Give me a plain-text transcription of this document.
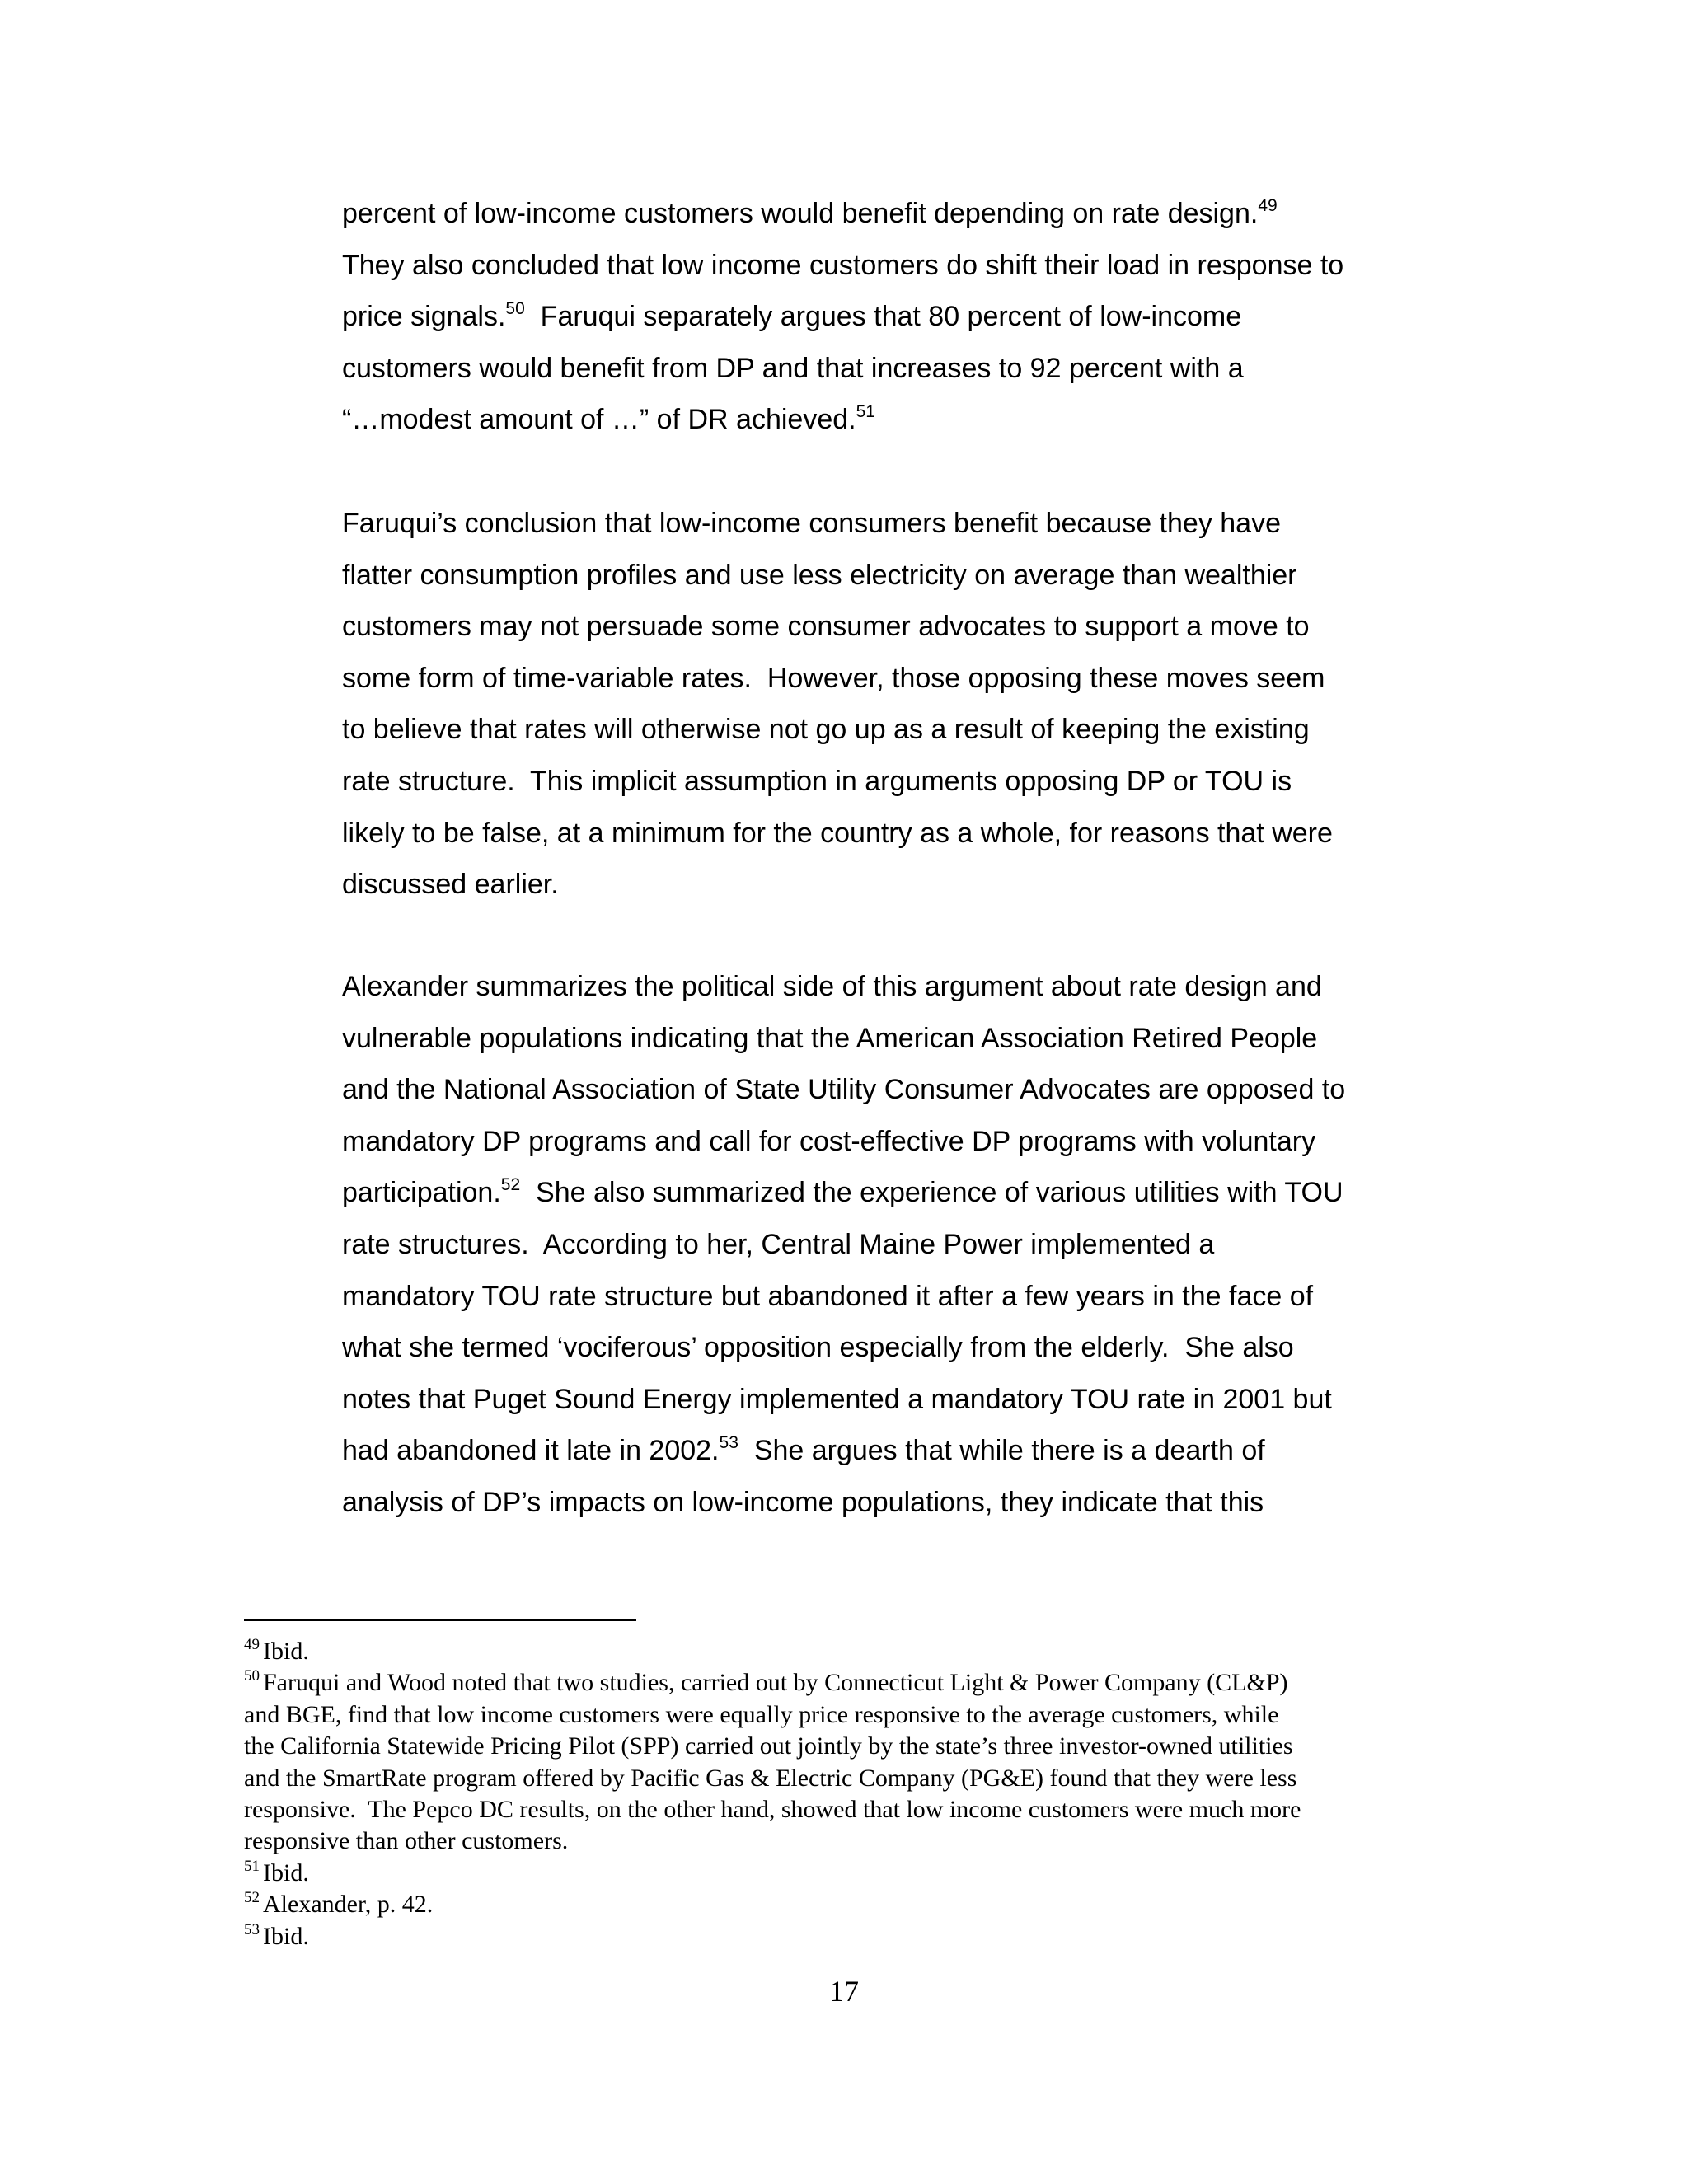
percent of low-income customers would benefit depending on rate design.$^{49}$
They also concluded that low income customers do shift their load in response to
price signals.$^{50}$  Faruqui separately argues that 80 percent of low-income
customers would benefit from DP and that increases to 92 percent with a
“…modest amount of …” of DR achieved.$^{51}$
Faruqui’s conclusion that low-income consumers benefit because they have
flatter consumption profiles and use less electricity on average than wealthier
customers may not persuade some consumer advocates to support a move to
some form of time-variable rates.  However, those opposing these moves seem
to believe that rates will otherwise not go up as a result of keeping the existing
rate structure.  This implicit assumption in arguments opposing DP or TOU is
likely to be false, at a minimum for the country as a whole, for reasons that were
discussed earlier.
Alexander summarizes the political side of this argument about rate design and
vulnerable populations indicating that the American Association Retired People
and the National Association of State Utility Consumer Advocates are opposed to
mandatory DP programs and call for cost-effective DP programs with voluntary
participation.$^{52}$  She also summarized the experience of various utilities with TOU
rate structures.  According to her, Central Maine Power implemented a
mandatory TOU rate structure but abandoned it after a few years in the face of
what she termed ‘vociferous’ opposition especially from the elderly.  She also
notes that Puget Sound Energy implemented a mandatory TOU rate in 2001 but
had abandoned it late in 2002.53  She argues that while there is a dearth of
analysis of DP’s impacts on low-income populations, they indicate that this

$^{49}$ Ibid.

$^{50}$ Faruqui and Wood noted that two studies, carried out by Connecticut Light & Power Company (CL&P)

and BGE, find that low income customers were equally price responsive to the average customers, while

the California Statewide Pricing Pilot (SPP) carried out jointly by the state’s three investor-owned utilities

and the SmartRate program offered by Pacific Gas & Electric Company (PG&E) found that they were less

responsive.  The Pepco DC results, on the other hand, showed that low income customers were much more

responsive than other customers.

$^{51}$ Ibid.

$^{52}$ Alexander, p. 42.

$^{53}$ Ibid.

17
